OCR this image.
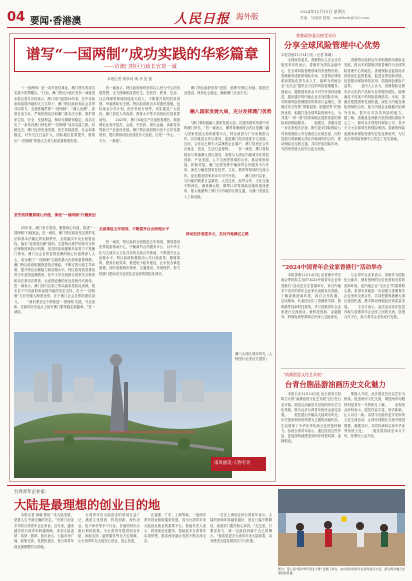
04 要闻·香港澳	人民日报 海外版
2024年11月15日 星期五
责编：马晓晨 邮箱：rmrbhwb@163.com
谱写“一国两制”成功实践的华彩篇章
——访澳门特区行政长官贺一诚
本报记者 胡孝珂 秦 华 贺 凯
　　“（一国两制）是一项开创性事业，澳门特区的成功实践令世界瞩目。”日前，澳门特区行政长官贺一诚接受本报记者专访时表示，澳门回归祖国25年来，在中央政府和祖国内地的大力支持下，澳门特区政府和社会各界共同努力，全面准确贯彻“一国两制”、“澳人治澳”、高度自治方针，严格依照宪法和澳门基本法办事，维护国家主权、安全、发展利益，保持长期繁荣稳定，成功走出了一条具有澳门特色的“一国两制”成功实践之路。回顾过去，澳门经济快速发展，民生持续改善，社会和谐稳定，对外交往日益扩大，国际地位显著提升，展现出“一国两制”的强大生命力和显著制度优势。
坚守底线聚焦核心价值，推进“一国两制”行稳致远
　　25年来，澳门坚守底线，聚焦核心价值，推进“一国两制”行稳致远。贺一诚说，澳门特区政府坚定维护宪法和基本法确定的宪制秩序，全面落实中央全面管治权，落实“爱国者治澳”原则，完善特区维护国家安全的法律制度和执行机制，坚决防范和遏制外部势力干预澳门事务。澳门社会各界爱国爱澳的核心价值观深入人心，成为澳门“一国两制”实践的最大优势和重要保障。　　澳门特区政府积极推进依法施政，不断完善行政主导体制，提升特区治理能力和治理水平。特区政府高度重视青少年爱国爱澳教育，在中小学全面推行国家安全教育和宪法基本法教育，让爱国爱澳的优良传统代代相传。贺一诚表示，澳门回归以来之所以能取得如此成就，根本在于中央政府和祖国内地的坚定支持，在于“一国两制”方针的强大制度优势，在于澳门社会各界的团结奋斗。　　“我们要坚定不移推进‘一国两制’实践，守正创新，在新的历史起点上续写澳门繁荣稳定新篇章。”贺一诚说。
　　贺一诚表示，特区政府始终坚持以人民为中心的发展思想，全力保障和改善民生。在医疗、教育、住房、社会保障等领域持续加大投入，不断提升居民的获得感、幸福感和安全感。特区政府推出多项惠民措施，包括现金分享计划、医疗补贴计划等，切实惠及广大居民。澳门居民人均寿命、教育水平等多项指标位居世界前列。　　2023年，澳门本地生产总值恢复增长，旅游博彩业有序复苏，会展、中医药、现代金融、高新技术等新兴产业加快发展。澳门特区政府推出首个五年发展规划，提出要推动经济适度多元发展，打造“一中心、一平台、一基地”。
全面推进五年规划，不断提升社会治理水平
　　贺一诚说，特区政府全面推进五年规划，围绕建设世界旅游休闲中心、中葡商贸合作服务平台、以中华文化为主流多元文化共存的交流合作基地，不断提升社会治理水平。特区政府积极推动公共行政改革，精简架构，提高行政效率，推进电子政务建设，让市民办事更便捷。同时加强城市规划、交通建设、环境保护，努力把澳门建设成为宜居宜业宜游的国际化城市。
　　澳门特区政府坚持“爱国、爱澳”的核心价值，推进法治建设，保持社会稳定，确保澳门长治久安。
融入国家发展大局，充分发挥澳门优势
　　“澳门要积极融入国家发展大局，在服务国家所需中发挥澳门所长。”贺一诚表示，横琴粤澳深度合作区是澳门融入国家发展大局的重要平台，特区政府与广东省紧密合作，共同推进合作区建设，促进澳门经济适度多元发展。目前，合作区已吸引大量澳资企业落户，澳门居民在合作区就业、创业、生活日益便利。　　贺一诚说，澳门将积极参与粤港澳大湾区建设，加强与大湾区内地城市在科技创新、产业发展、人才交流等领域的合作，推动规则衔接、机制对接。澳门还将发挥中葡商贸合作服务平台作用，深化与葡语国家在经贸、文化、教育等领域的交流合作，更好服务国家高水平对外开放。　　澳门回归以来，与内地的联系日益紧密，人员往来、经贸合作、文化交流不断深化。港珠澳大桥、横琴口岸等基础设施的建成使用，极大地便利了澳门与内地的互联互通，为澳门发展注入了新动能。
推动经济适度多元，走好内地澳区之路
南风丽美·人物专访
澳门大湾区城市风光（人物图片由受访方提供）
香港政协委员接受采访
分享全球风险管理中心优势
本报香港11月14日电（记者 陈曦）
　　全国政协委员、香港特区立法会议员接受采访时表示，香港作为国际金融中心，在全球风险管理领域具有独特优势。香港拥有成熟的保险市场、完善的法律体系和国际化的专业人才，能够为内地企业“走出去”提供全方位的风险管理服务。　　他表示，随着国家高水平对外开放持续推进，越来越多的内地企业走向国际市场，对跨境风险管理服务的需求日益增长。香港应充分发挥“背靠祖国、联通世界”的独特优势，积极打造全球风险管理中心，为共建“一带一路”国家和地区提供优质的保险和再保险服务。　　他建议，香港可进一步完善相关法规，吸引更多国际保险公司和再保险公司在港设立区域总部，同时加强与粤港澳大湾区内地城市的合作，推动保险业互联互通，共同开拓国际市场，为国家发展大局作出更大贡献。
　　香港特区政府近年来积极推动保险业发展，推出多项措施巩固香港作为全球风险管理中心的地位。香港保险业监管局亦持续优化监管框架，促进业界创新发展，包括推动保险科技应用、拓展绿色保险产品等。　　业内人士认为，香港保险业拥有多元化的产品和专业的服务团队，能够满足不同客户的风险管理需求。未来，香港应把握国家发展机遇，深化与内地在保险领域的合作，助力内地企业稳健开拓海外市场，提升应对各类风险的能力。　　据了解，香港是亚洲最开放的国际保险中心之一，拥有众多获授权保险公司，其中不少为全球领先的保险集团。香港的保险渗透率和保险密度均位居亚洲前列，为打造全球风险管理中心奠定了坚实基础。
“2024中国青年企业家香港行”活动举办
　　本报香港11月14日电 由香港中华总商会等机构主办的“2024中国青年企业家香港行”活动近日在香港举行。来自内地多个省市的青年企业家代表团参访香港，了解香港营商环境，探讨合作机遇。　　活动期间，代表团走访了香港科学园、数码港等创新科技机构，并与香港青年企业家进行交流座谈，就科技创新、金融服务、跨境电商等领域合作深入交换意见。
　　与会青年企业家表示，香港作为国际化大都市，拥有独特的区位优势和完善的营商环境，是内地企业“走出去”的重要桥头堡。希望未来能进一步加强与香港青年企业家的交流合作，共同把握粤港澳大湾区建设机遇，携手推动两地经济高质量发展。　　主办方表示，此次活动旨在促进内地与香港青年企业家之间的交流，搭建合作平台，助力青年企业家成长发展。
“南澳创意文化艺术展”
台青台胞品游油画历史文化魅力
　　本报台北11月14日电 由台湾有关机构主办的“南澳创意文化艺术展”近日在台北开幕。展览以油画形式呈现两岸历史文化风貌，吸引众多台湾青年和民众前往参观。　　展览展出多幅以大陆城市风光、历史遗迹和民俗风情为主题的油画作品，生动展现了中华优秀传统文化的独特魅力。参展台湾青年表示，通过欣赏这些作品，更加深刻地感受到两岸同根同源、血脉相连。
　　策展人介绍，此次展览旨在以艺术为桥梁，促进两岸文化交流，增进两岸同胞特别是青年一代的相互了解。　　参观民众纷纷表示，展览内容丰富、形式新颖，让人耳目一新。希望今后能有更多类似的文化交流活动，让两岸同胞在交流中增进感情、凝聚共识，共同传承和弘扬中华优秀传统文化。　　展览将持续至本月下旬，免费向公众开放。
台湾青年企业家：
大陆是最理想的创业目的地
　　本报记者 徐晓 程欣 “来大陆发展，是我人生中最正确的决定。”在厦门创业多年的台湾青年企业家说。近年来，越来越多的台湾青年跨越海峡，来到大陆追梦、筑梦、圆梦。他们表示，大陆市场广阔、政策完善、发展机遇多，是台湾青年创业最理想的目的地。
　　台湾青年在大陆创业的领域日益广泛，涵盖文化创意、科技创新、现代农业、电子商务等多个行业。各地纷纷出台惠台利民政策，为台湾青年提供创业补贴、场地支持、融资服务等全方位保障，让台湾青年在大陆安心创业、放心发展。
　　在福建、广东、上海等地，一批两岸青年创业基地蓬勃发展，成为台湾青年来大陆创业就业的重要平台。基地负责人表示，将持续优化服务，帮助更多台湾青年实现梦想，推动两岸融合发展不断走深走实。
　　一位在上海创业的台湾青年表示，大陆的营商环境越来越好，创业门槛不断降低，政府部门服务贴心高效。“在这里，只要肯努力，就一定能找到属于自己的舞台。”他希望更多台湾青年来大陆看看，亲身感受大陆发展的活力与机遇。
图为：第八届“两岸青年创业大赛”在厦门举办，来自两岸的青年在现场进行交流，探讨两岸融合发展的新机遇。
